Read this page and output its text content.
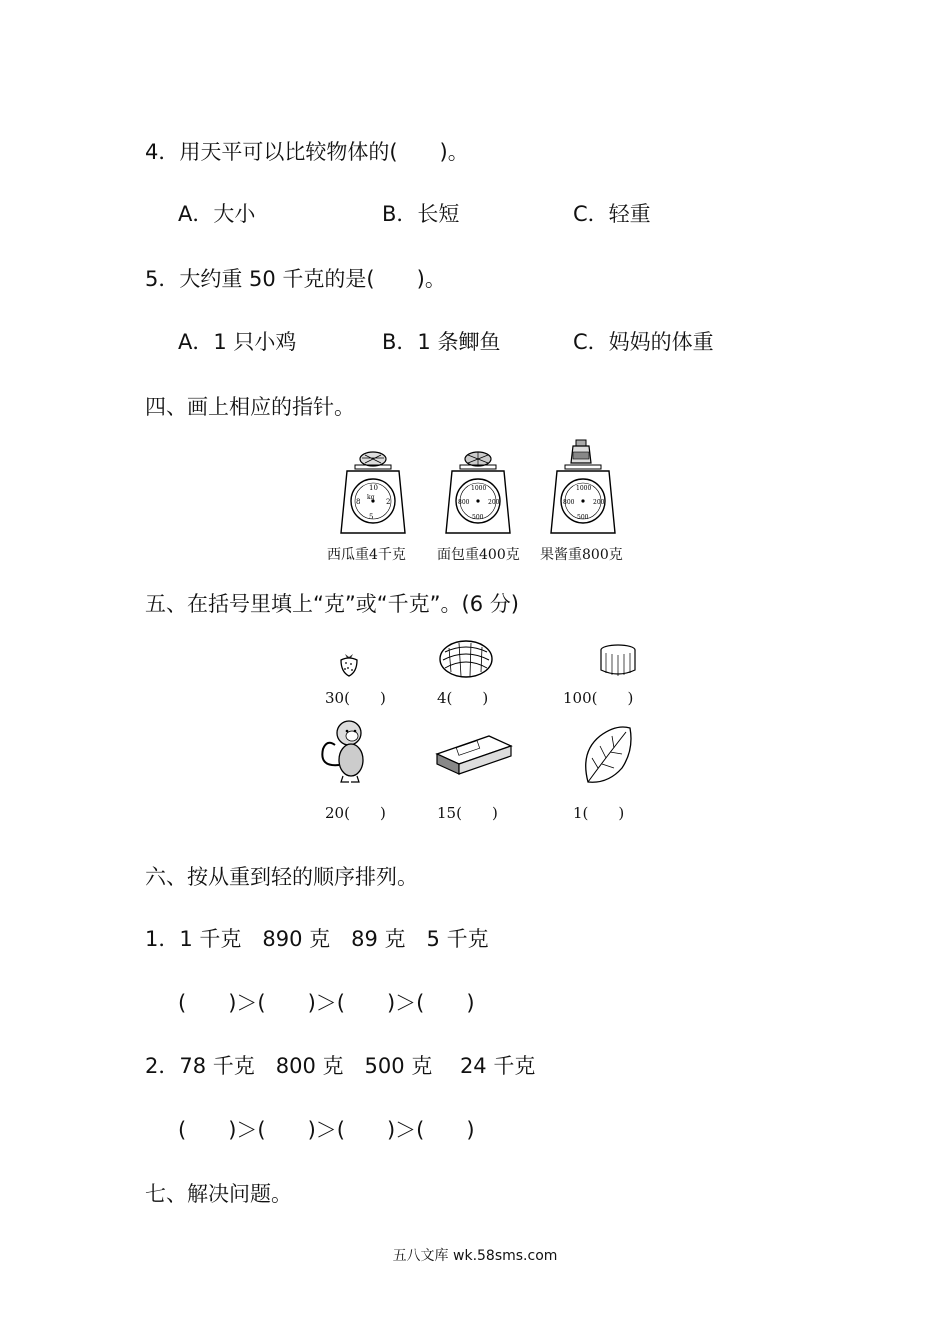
4．用天平可以比较物体的(　　)。
A．大小	B．长短	C．轻重
5．大约重 50 千克的是(　　)。
A．1 只小鸡	B．1 条鲫鱼	C．妈妈的体重
四、画上相应的指针。
10
5
8	2
kg
西瓜重4千克
1000
500
800	200
面包重400克
1000
500
800	200
果酱重800克
五、在括号里填上“克”或“千克”。(6 分)
30(　　)	4(　　)	100(　　)
20(　　)	15(　　)	1(　　)
六、按从重到轻的顺序排列。
1．1 千克　890 克　89 克　5 千克
(　　)＞(　　)＞(　　)＞(　　)
2．78 千克　800 克　500 克　 24 千克
(　　)＞(　　)＞(　　)＞(　　)
七、解决问题。
五八文库 wk.58sms.com
